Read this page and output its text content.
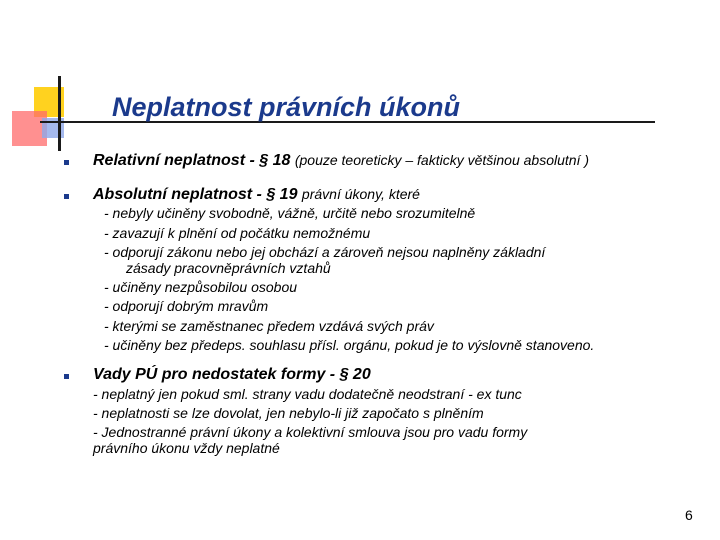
Neplatnost právních úkonů
Relativní neplatnost - § 18 (pouze teoreticky – fakticky většinou absolutní )
Absolutní neplatnost - § 19 právní úkony, které
- nebyly učiněny svobodně, vážně, určitě nebo srozumitelně
- zavazují k plnění od počátku nemožnému
- odporují zákonu nebo jej obchází a zároveň nejsou naplněny základní
zásady pracovněprávních vztahů
- učiněny nezpůsobilou osobou
- odporují dobrým mravům
- kterými se zaměstnanec předem vzdává svých práv
- učiněny bez předeps. souhlasu přísl. orgánu, pokud je to výslovně stanoveno.
Vady PÚ pro nedostatek formy - § 20
- neplatný jen pokud sml. strany vadu dodatečně neodstraní - ex tunc
- neplatnosti se lze dovolat, jen nebylo-li již započato s plněním
- Jednostranné právní úkony a kolektivní smlouva jsou pro vadu formy
právního úkonu vždy neplatné
6
